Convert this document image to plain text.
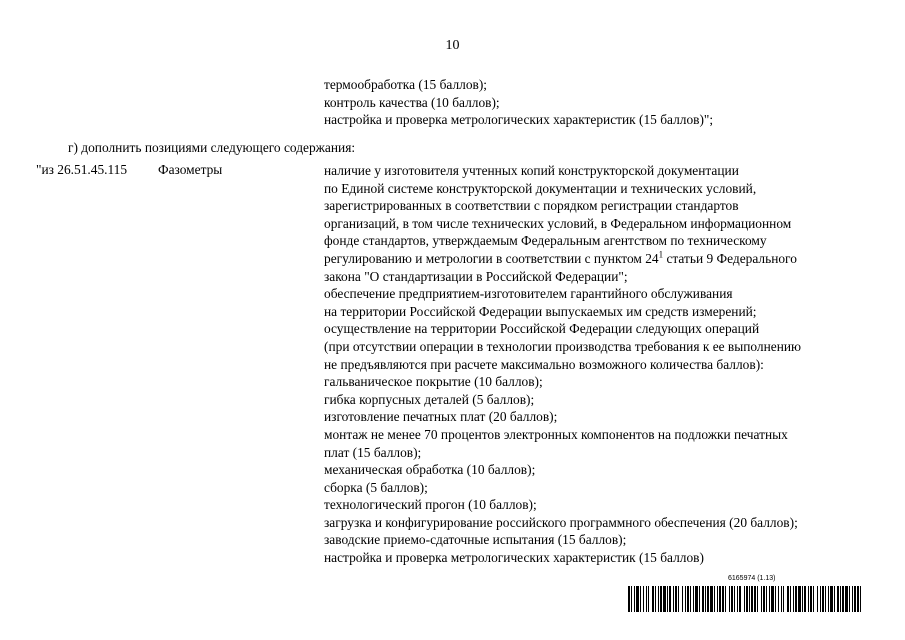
10
термообработка (15 баллов);
контроль качества (10 баллов);
настройка и проверка метрологических характеристик (15 баллов)";
г) дополнить позициями следующего содержания:
"из 26.51.45.115 Фазометры	наличие у изготовителя учтенных копий конструкторской документации
по Единой системе конструкторской документации и технических условий,
зарегистрированных в соответствии с порядком регистрации стандартов
организаций, в том числе технических условий, в Федеральном информационном
фонде стандартов, утверждаемым Федеральным агентством по техническому
регулированию и метрологии в соответствии с пунктом $24^1$ статьи 9 Федерального
закона "О стандартизации в Российской Федерации";
обеспечение предприятием-изготовителем гарантийного обслуживания
на территории Российской Федерации выпускаемых им средств измерений;
осуществление на территории Российской Федерации следующих операций
(при отсутствии операции в технологии производства требования к ее выполнению
не предъявляются при расчете максимально возможного количества баллов):
гальваническое покрытие (10 баллов);
гибка корпусных деталей (5 баллов);
изготовление печатных плат (20 баллов);
монтаж не менее 70 процентов электронных компонентов на подложки печатных
плат (15 баллов);
механическая обработка (10 баллов);
сборка (5 баллов);
технологический прогон (10 баллов);
загрузка и конфигурирование российского программного обеспечения (20 баллов);
заводские приемо-сдаточные испытания (15 баллов);
настройка и проверка метрологических характеристик (15 баллов)
6165974 (1.13)
